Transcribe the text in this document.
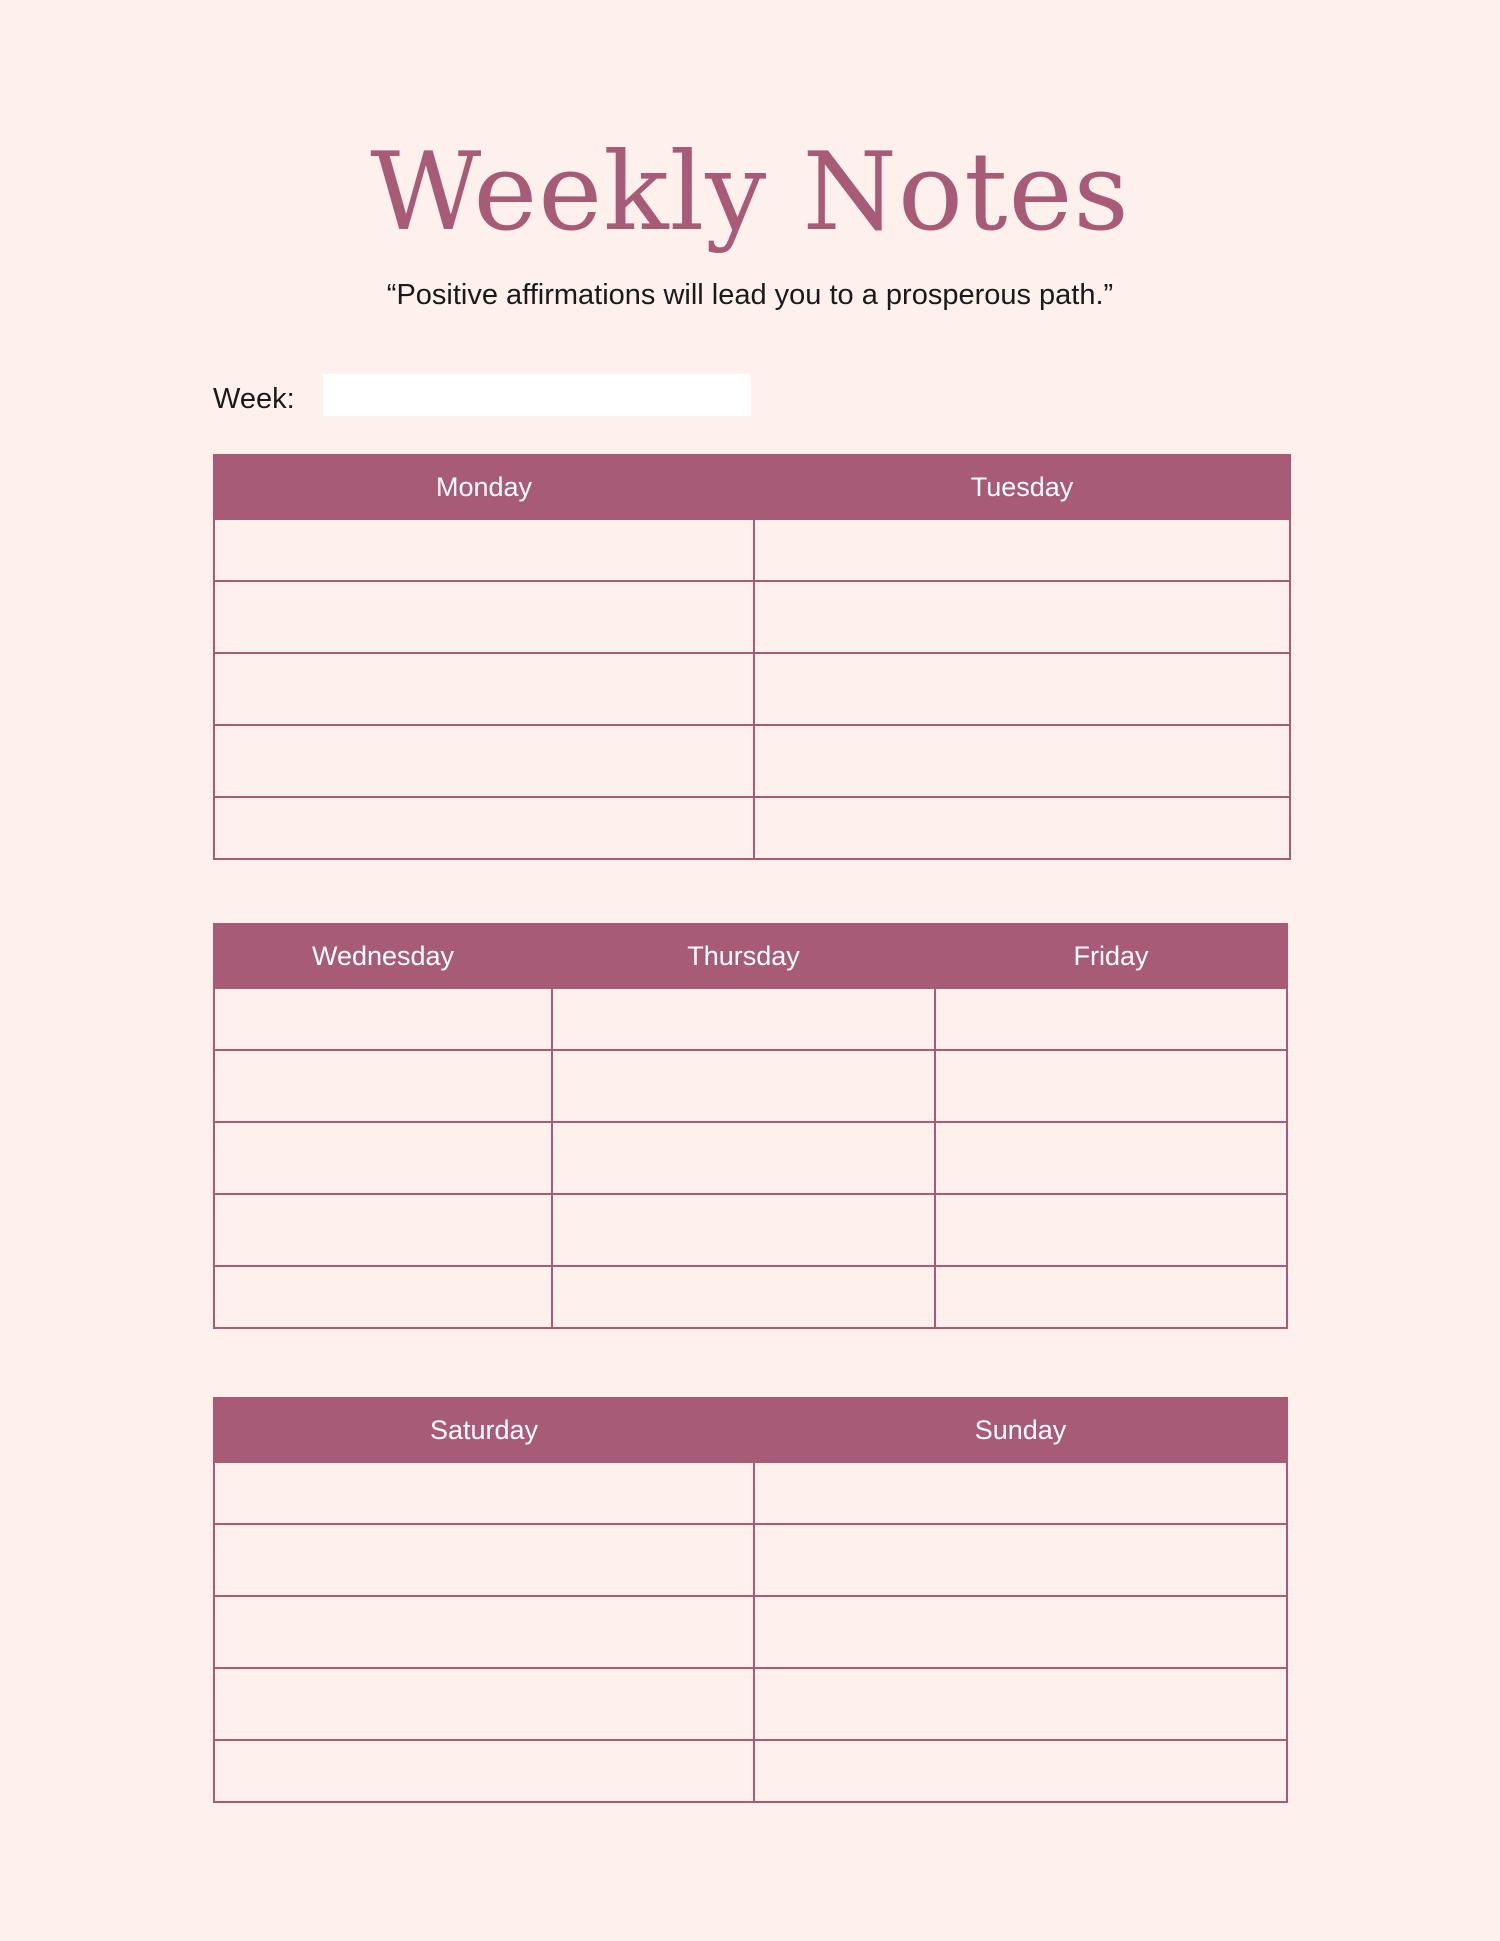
Weekly Notes
“Positive affirmations will lead you to a prosperous path.”
Week:
Monday	Tuesday

Wednesday	Thursday	Friday

Saturday	Sunday
